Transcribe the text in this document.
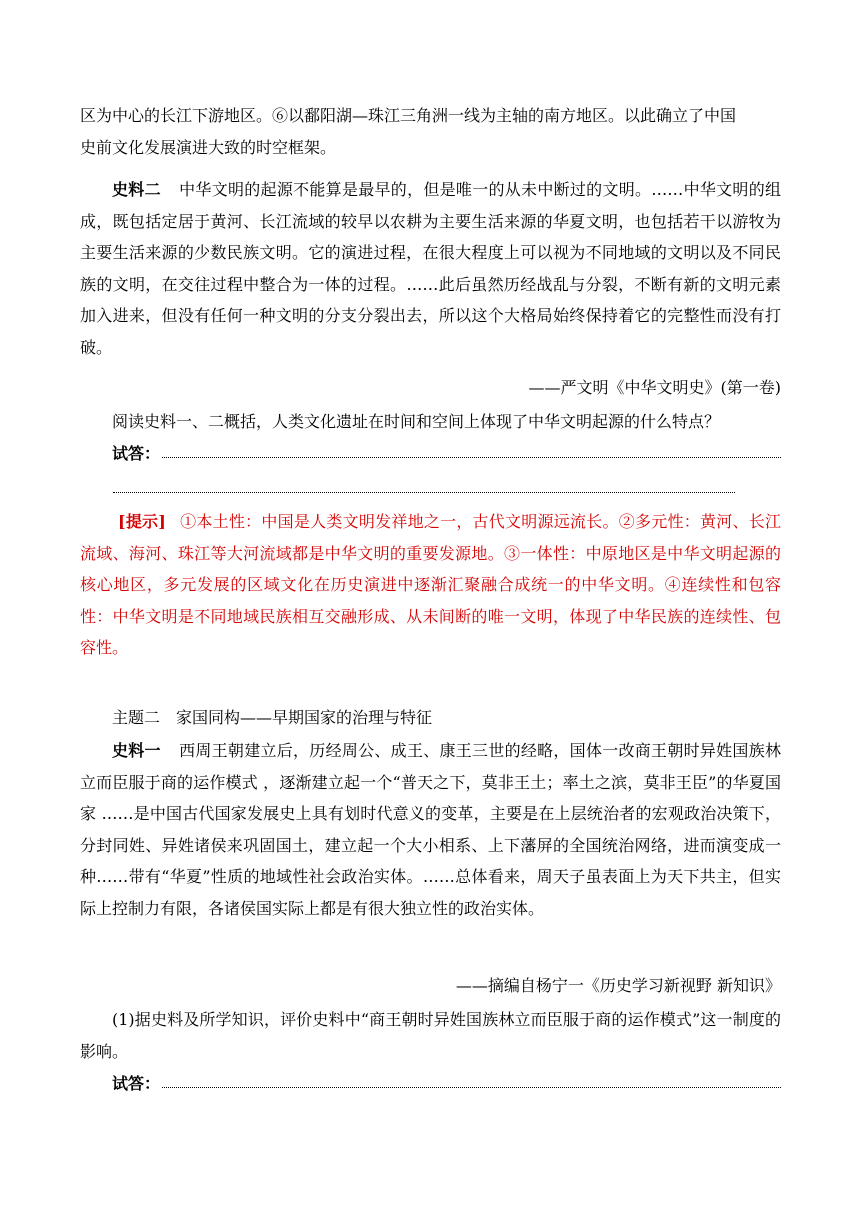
区为中心的长江下游地区。⑥以鄱阳湖—珠江三角洲一线为主轴的南方地区。以此确立了中国
史前文化发展演进大致的时空框架。

史料二 中华文明的起源不能算是最早的，但是唯一的从未中断过的文明。……中华文明的组成，既包括定居于黄河、长江流域的较早以农耕为主要生活来源的华夏文明，也包括若干以游牧为主要生活来源的少数民族文明。它的演进过程，在很大程度上可以视为不同地域的文明以及不同民族的文明，在交往过程中整合为一体的过程。……此后虽然历经战乱与分裂，不断有新的文明元素加入进来，但没有任何一种文明的分支分裂出去，所以这个大格局始终保持着它的完整性而没有打破。

——严文明《中华文明史》(第一卷)

阅读史料一、二概括，人类文化遗址在时间和空间上体现了中华文明起源的什么特点？

试答：

[提示] ①本土性：中国是人类文明发祥地之一，古代文明源远流长。②多元性：黄河、长江流域、海河、珠江等大河流域都是中华文明的重要发源地。③一体性：中原地区是中华文明起源的核心地区，多元发展的区域文化在历史演进中逐渐汇聚融合成统一的中华文明。④连续性和包容性：中华文明是不同地域民族相互交融形成、从未间断的唯一文明，体现了中华民族的连续性、包容性。

主题二　家国同构——早期国家的治理与特征

史料一 西周王朝建立后，历经周公、成王、康王三世的经略，国体一改商王朝时异姓国族林立而臣服于商的运作模式 ，逐渐建立起一个“普天之下，莫非王土；率土之滨，莫非王臣”的华夏国家 ……是中国古代国家发展史上具有划时代意义的变革，主要是在上层统治者的宏观政治决策下，分封同姓、异姓诸侯来巩固国土，建立起一个大小相系、上下藩屏的全国统治网络，进而演变成一种……带有“华夏”性质的地域性社会政治实体。……总体看来，周天子虽表面上为天下共主，但实际上控制力有限，各诸侯国实际上都是有很大独立性的政治实体。

——摘编自杨宁一《历史学习新视野 新知识》

(1)据史料及所学知识，评价史料中“商王朝时异姓国族林立而臣服于商的运作模式”这一制度的影响。

试答：
